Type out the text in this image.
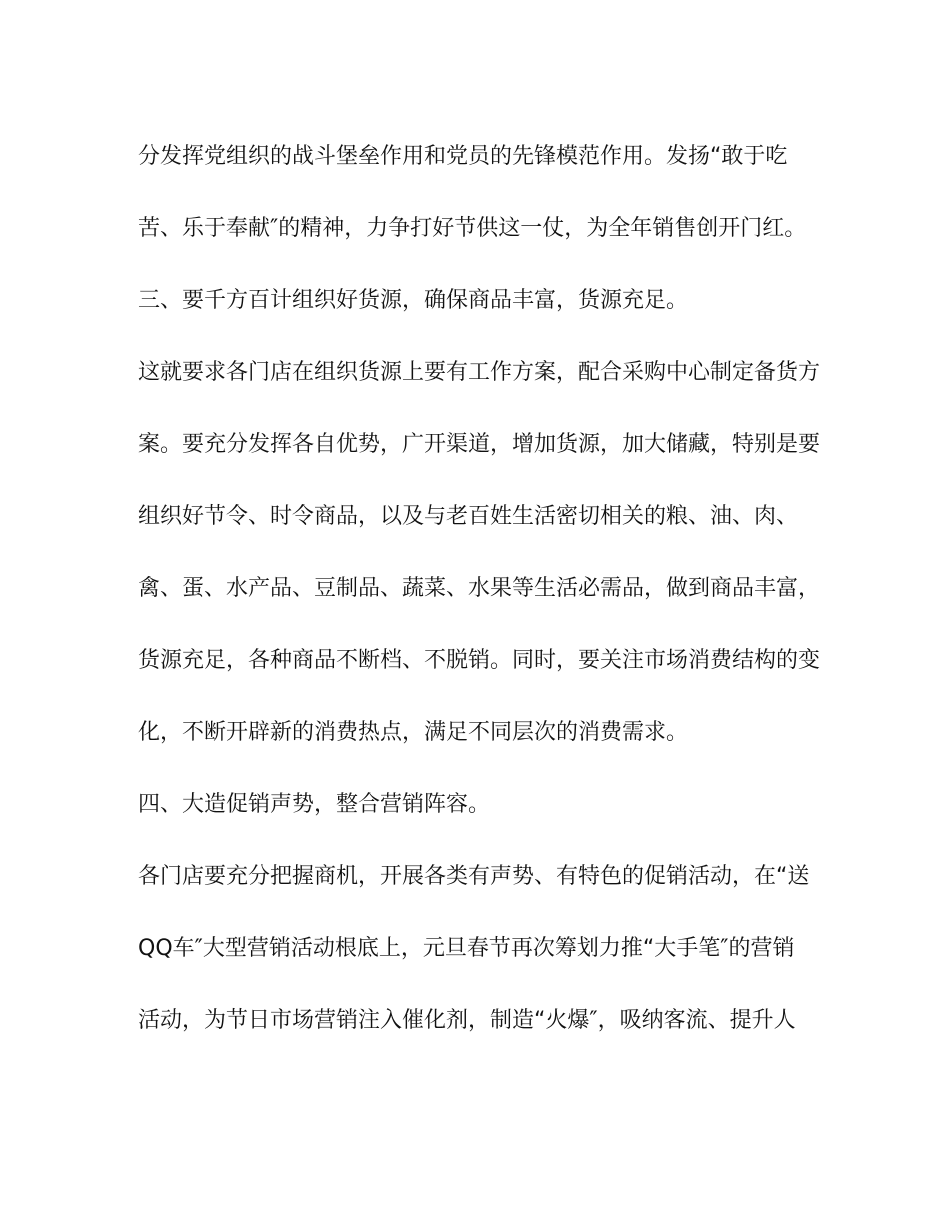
分发挥党组织的战斗堡垒作用和党员的先锋模范作用。发扬“敢于吃

苦、乐于奉献″的精神，力争打好节供这一仗，为全年销售创开门红。

三、要千方百计组织好货源，确保商品丰富，货源充足。

这就要求各门店在组织货源上要有工作方案，配合采购中心制定备货方

案。要充分发挥各自优势，广开渠道，增加货源，加大储藏，特别是要

组织好节令、时令商品，以及与老百姓生活密切相关的粮、油、肉、

禽、蛋、水产品、豆制品、蔬菜、水果等生活必需品，做到商品丰富，

货源充足，各种商品不断档、不脱销。同时，要关注市场消费结构的变

化，不断开辟新的消费热点，满足不同层次的消费需求。

四、大造促销声势，整合营销阵容。

各门店要充分把握商机，开展各类有声势、有特色的促销活动，在“送

QQ车″大型营销活动根底上，元旦春节再次筹划力推“大手笔″的营销

活动，为节日市场营销注入催化剂，制造“火爆″，吸纳客流、提升人
